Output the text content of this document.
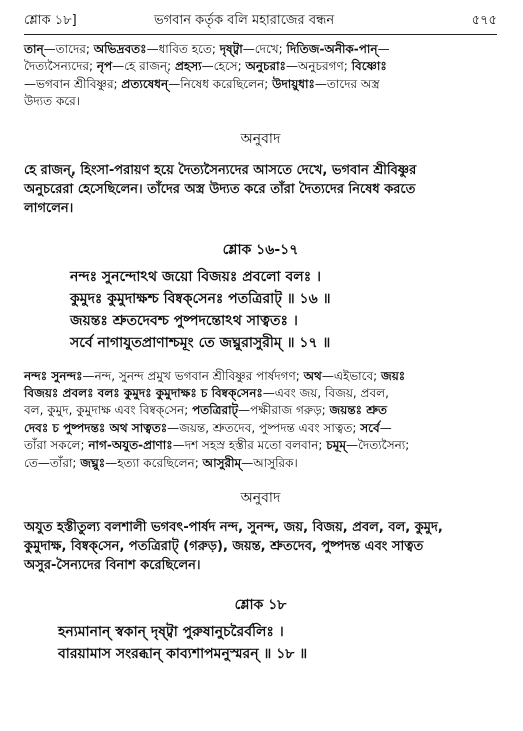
শ্লোক ১৮]	ভগবান কর্তৃক বলি মহারাজের বন্ধন	৫৭৫
তান্‌—তাদের; অভিদ্রবতঃ—ধাবিত হতে; দৃষ্ট্বা—দেখে; দিতিজ-অনীক-পান্‌—
দৈত্যসৈন্যদের; নৃপ—হে রাজন্‌; প্রহস্য—হেসে; অনুচরাঃ—অনুচরগণ; বিষ্ণোঃ
—ভগবান শ্রীবিষ্ণুর; প্রত্যষেধন্‌—নিষেধ করেছিলেন; উদায়ুধাঃ—তাদের অস্ত্র
উদ্যত করে।
অনুবাদ
হে রাজন্‌, হিংসা-পরায়ণ হয়ে দৈত্যসৈন্যদের আসতে দেখে, ভগবান শ্রীবিষ্ণুর
অনুচরেরা হেসেছিলেন। তাঁদের অস্ত্র উদ্যত করে তাঁরা দৈত্যদের নিষেধ করতে
লাগলেন।
শ্লোক ১৬-১৭
নন্দঃ সুনন্দোঽথ জয়ো বিজয়ঃ প্রবলো বলঃ ।
কুমুদঃ কুমুদাক্ষশ্চ বিষ্বক্‌সেনঃ পতত্রিরাট্‌ ॥ ১৬ ॥
জয়ন্তঃ শ্রুতদেবশ্চ পুষ্পদন্তোঽথ সাত্বতঃ ।
সর্বে নাগাযুতপ্রাণাশ্চমূং তে জঘ্নুরাসুরীম্‌ ॥ ১৭ ॥
নন্দঃ সুনন্দঃ—নন্দ, সুনন্দ প্রমুখ ভগবান শ্রীবিষ্ণুর পার্ষদগণ; অথ—এইভাবে; জয়ঃ
বিজয়ঃ প্রবলঃ বলঃ কুমুদঃ কুমুদাক্ষঃ চ বিষ্বক্‌সেনঃ—এবং জয়, বিজয়, প্রবল,
বল, কুমুদ, কুমুদাক্ষ এবং বিষ্বক্‌সেন; পতত্রিরাট্‌—পক্ষীরাজ গরুড়; জয়ন্তঃ শ্রুত
দেবঃ চ পুষ্পদন্তঃ অথ সাত্বতঃ—জয়ন্ত, শ্রুতদেব, পুষ্পদন্ত এবং সাত্বত; সর্বে—
তাঁরা সকলে; নাগ-অযুত-প্রাণাঃ—দশ সহস্র হস্তীর মতো বলবান; চমূম্‌—দৈত্যসৈন্য;
তে—তাঁরা; জঘ্নুঃ—হত্যা করেছিলেন; আসুরীম্‌—আসুরিক।
অনুবাদ
অযুত হস্তীতুল্য বলশালী ভগবৎ-পার্ষদ নন্দ, সুনন্দ, জয়, বিজয়, প্রবল, বল, কুমুদ,
কুমুদাক্ষ, বিষ্বক্‌সেন, পতত্রিরাট্‌ (গরুড়), জয়ন্ত, শ্রুতদেব, পুষ্পদন্ত এবং সাত্বত
অসুর-সৈন্যদের বিনাশ করেছিলেন।
শ্লোক ১৮
হন্যমানান্‌ স্বকান্‌ দৃষ্ট্বা পুরুষানুচরৈর্বলিঃ ।
বারয়ামাস সংরব্ধান্‌ কাব্যশাপমনুস্মরন্‌ ॥ ১৮ ॥
